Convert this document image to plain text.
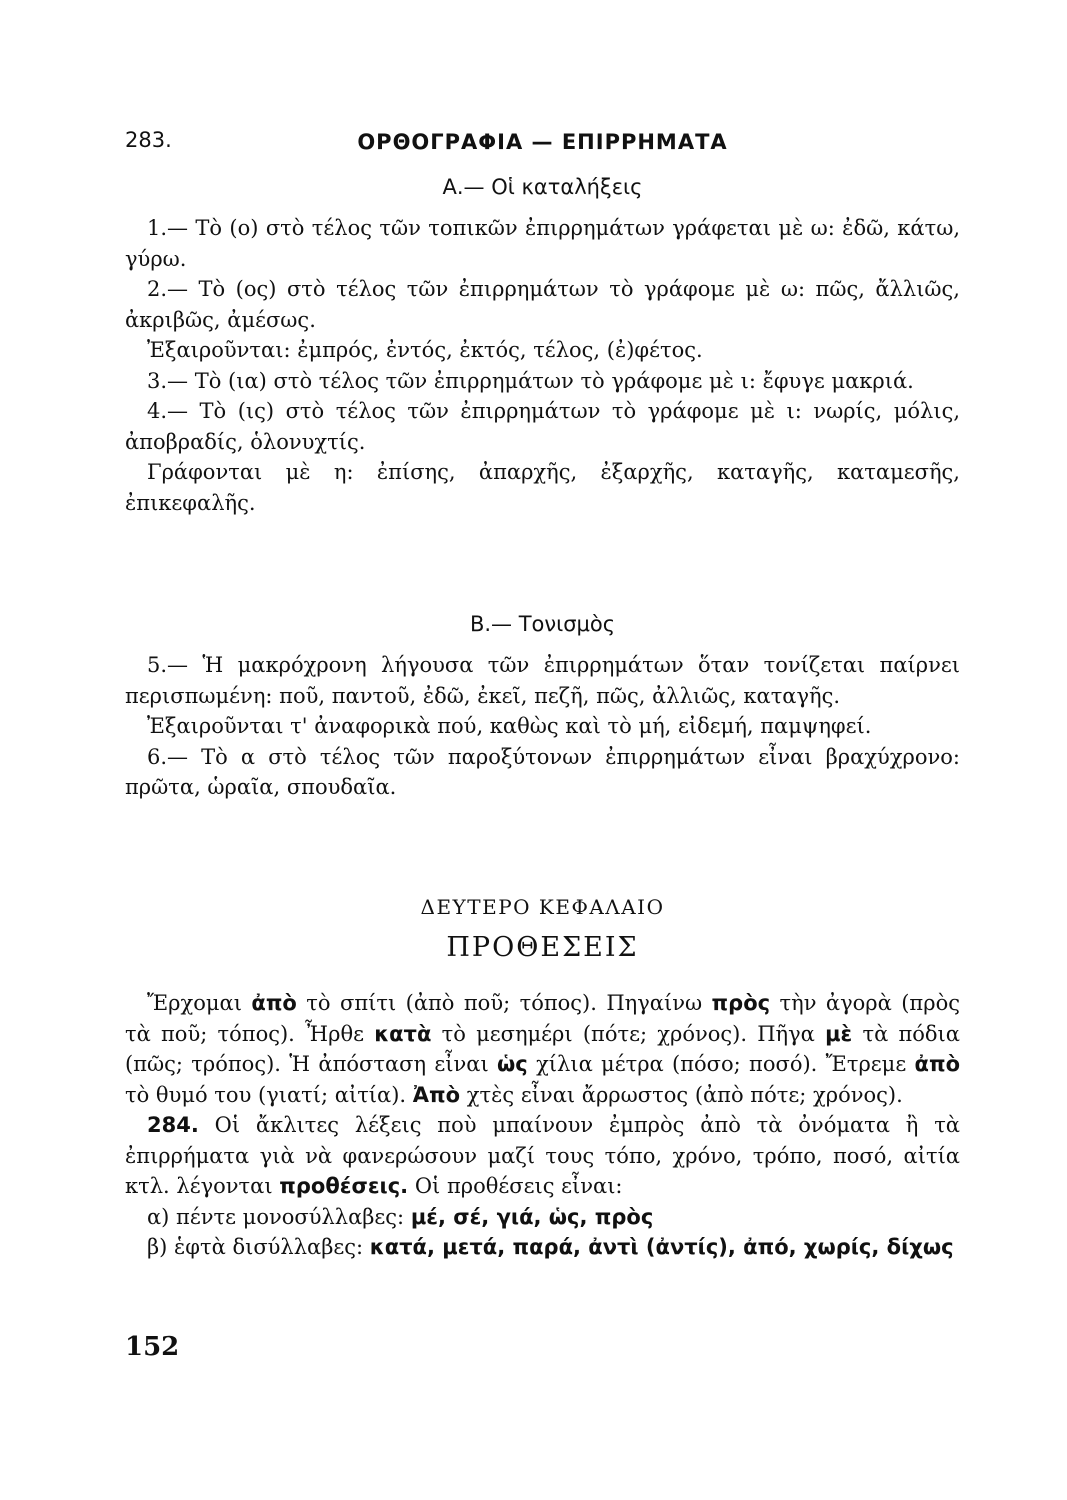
283.	ΟΡΘΟΓΡΑΦΙΑ — ΕΠΙΡΡΗΜΑΤΑ
Α.— Οἱ καταλήξεις

1.— Τὸ (ο) στὸ τέλος τῶν τοπικῶν ἐπιρρημάτων γράφεται μὲ ω: ἐδῶ, κάτω, γύρω.

2.— Τὸ (ος) στὸ τέλος τῶν ἐπιρρημάτων τὸ γράφομε μὲ ω: πῶς, ἄλλιῶς, ἀκριβῶς, ἀμέσως.

Ἐξαιροῦνται: ἐμπρός, ἐντός, ἐκτός, τέλος, (ἐ)φέτος.

3.— Τὸ (ια) στὸ τέλος τῶν ἐπιρρημάτων τὸ γράφομε μὲ ι: ἔφυγε μακριά.

4.— Τὸ (ις) στὸ τέλος τῶν ἐπιρρημάτων τὸ γράφομε μὲ ι: νωρίς, μόλις, ἀποβραδίς, ὁλονυχτίς.

Γράφονται μὲ η: ἐπίσης, ἀπαρχῆς, ἐξαρχῆς, καταγῆς, καταμεσῆς, ἐπικεφαλῆς.

Β.— Τονισμὸς

5.— Ἡ μακρόχρονη λήγουσα τῶν ἐπιρρημάτων ὅταν τονίζεται παίρνει περισπωμένη: ποῦ, παντοῦ, ἐδῶ, ἐκεῖ, πεζῆ, πῶς, ἀλλιῶς, καταγῆς.

Ἐξαιροῦνται τ' ἀναφορικὰ πού, καθὼς καὶ τὸ μή, εἰδεμή, παμψηφεί.

6.— Τὸ α στὸ τέλος τῶν παροξύτονων ἐπιρρημάτων εἶναι βραχύχρονο: πρῶτα, ὡραῖα, σπουδαῖα.

ΔΕΥΤΕΡΟ ΚΕΦΑΛΑΙΟ
ΠΡΟΘΕΣΕΙΣ

Ἔρχομαι ἀπὸ τὸ σπίτι (ἀπὸ ποῦ; τόπος). Πηγαίνω πρὸς τὴν ἀγορὰ (πρὸς τὰ ποῦ; τόπος). Ἦρθε κατὰ τὸ μεσημέρι (πότε; χρόνος). Πῆγα μὲ τὰ πόδια (πῶς; τρόπος). Ἡ ἀπόσταση εἶναι ὡς χίλια μέτρα (πόσο; ποσό). Ἔτρεμε ἀπὸ τὸ θυμό του (γιατί; αἰτία). Ἀπὸ χτὲς εἶναι ἄρρωστος (ἀπὸ πότε; χρόνος).

284. Οἱ ἄκλιτες λέξεις ποὺ μπαίνουν ἐμπρὸς ἀπὸ τὰ ὀνόματα ἢ τὰ ἐπιρρήματα γιὰ νὰ φανερώσουν μαζί τους τόπο, χρόνο, τρόπο, ποσό, αἰτία κτλ. λέγονται προθέσεις. Οἱ προθέσεις εἶναι:

α) πέντε μονοσύλλαβες: μέ, σέ, γιά, ὡς, πρὸς

β) ἑφτὰ δισύλλαβες: κατά, μετά, παρά, ἀντὶ (ἀντίς), ἀπό, χωρίς, δίχως

152
